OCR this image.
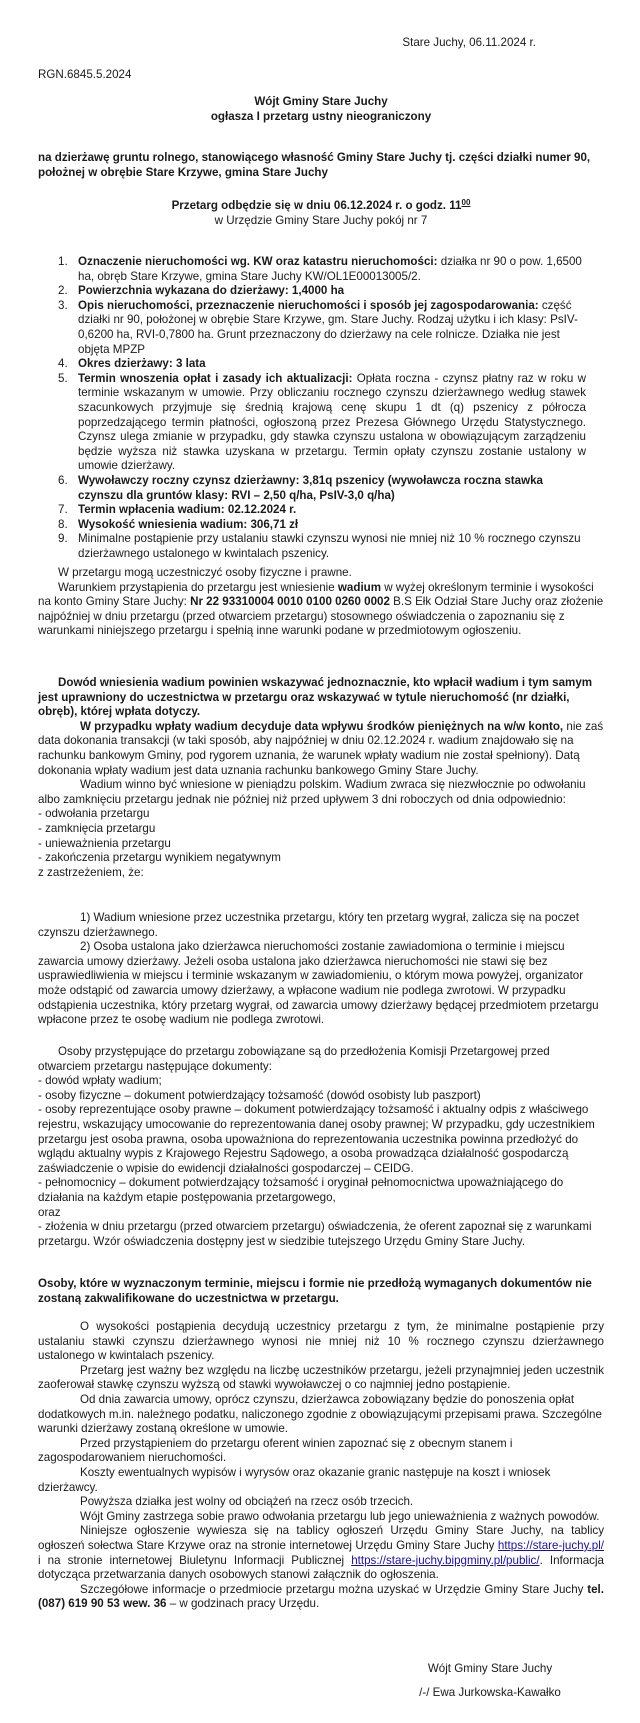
Stare Juchy, 06.11.2024 r.
RGN.6845.5.2024

Wójt Gminy Stare Juchy

ogłasza I przetarg ustny nieograniczony

na dzierżawę gruntu rolnego, stanowiącego własność Gminy Stare Juchy tj. części działki numer 90, położnej w obrębie Stare Krzywe, gmina Stare Juchy

Przetarg odbędzie się w dniu 06.12.2024 r. o godz. $11^{00}$

w Urzędzie Gminy Stare Juchy pokój nr 7

1. Oznaczenie nieruchomości wg. KW oraz katastru nieruchomości: działka nr 90 o pow. 1,6500 ha, obręb Stare Krzywe, gmina Stare Juchy KW/OL1E00013005/2.
2. Powierzchnia wykazana do dzierżawy: 1,4000 ha
3. Opis nieruchomości, przeznaczenie nieruchomości i sposób jej zagospodarowania: część działki nr 90, położonej w obrębie Stare Krzywe, gm. Stare Juchy. Rodzaj użytku i ich klasy: PsIV-0,6200 ha, RVI-0,7800 ha. Grunt przeznaczony do dzierżawy na cele rolnicze. Działka nie jest objęta MPZP
4. Okres dzierżawy: 3 lata
5. Termin wnoszenia opłat i zasady ich aktualizacji: Opłata roczna - czynsz płatny raz w roku w terminie wskazanym w umowie. Przy obliczaniu rocznego czynszu dzierżawnego według stawek szacunkowych przyjmuje się średnią krajową cenę skupu 1 dt (q) pszenicy z półrocza poprzedzającego termin płatności, ogłoszoną przez Prezesa Głównego Urzędu Statystycznego. Czynsz ulega zmianie w przypadku, gdy stawka czynszu ustalona w obowiązującym zarządzeniu będzie wyższa niż stawka uzyskana w przetargu. Termin opłaty czynszu zostanie ustalony w umowie dzierżawy.
6. Wywoławczy roczny czynsz dzierżawny: 3,81q pszenicy (wywoławcza roczna stawka czynszu dla gruntów klasy: RVI – 2,50 q/ha, PsIV-3,0 q/ha)
7. Termin wpłacenia wadium: 02.12.2024 r.
8. Wysokość wniesienia wadium: 306,71 zł
9. Minimalne postąpienie przy ustalaniu stawki czynszu wynosi nie mniej niż 10 % rocznego czynszu dzierżawnego ustalonego w kwintalach pszenicy.

W przetargu mogą uczestniczyć osoby fizyczne i prawne.

Warunkiem przystąpienia do przetargu jest wniesienie wadium w wyżej określonym terminie i wysokości na konto Gminy Stare Juchy: Nr 22 93310004 0010 0100 0260 0002 B.S Ełk Odział Stare Juchy oraz złożenie najpóźniej w dniu przetargu (przed otwarciem przetargu) stosownego oświadczenia o zapoznaniu się z warunkami niniejszego przetargu i spełnią inne warunki podane w przedmiotowym ogłoszeniu.

Dowód wniesienia wadium powinien wskazywać jednoznacznie, kto wpłacił wadium i tym samym jest uprawniony do uczestnictwa w przetargu oraz wskazywać w tytule nieruchomość (nr działki, obręb), której wpłata dotyczy.

W przypadku wpłaty wadium decyduje data wpływu środków pieniężnych na w/w konto, nie zaś data dokonania transakcji (w taki sposób, aby najpóźniej w dniu 02.12.2024 r. wadium znajdowało się na rachunku bankowym Gminy, pod rygorem uznania, że warunek wpłaty wadium nie został spełniony). Datą dokonania wpłaty wadium jest data uznania rachunku bankowego Gminy Stare Juchy.

Wadium winno być wniesione w pieniądzu polskim. Wadium zwraca się niezwłocznie po odwołaniu albo zamknięciu przetargu jednak nie później niż przed upływem 3 dni roboczych od dnia odpowiednio:

- odwołania przetargu

- zamknięcia przetargu

- unieważnienia przetargu

- zakończenia przetargu wynikiem negatywnym

z zastrzeżeniem, że:

1) Wadium wniesione przez uczestnika przetargu, który ten przetarg wygrał, zalicza się na poczet czynszu dzierżawnego.

2) Osoba ustalona jako dzierżawca nieruchomości zostanie zawiadomiona o terminie i miejscu zawarcia umowy dzierżawy. Jeżeli osoba ustalona jako dzierżawca nieruchomości nie stawi się bez usprawiedliwienia w miejscu i terminie wskazanym w zawiadomieniu, o którym mowa powyżej, organizator może odstąpić od zawarcia umowy dzierżawy, a wpłacone wadium nie podlega zwrotowi. W przypadku odstąpienia uczestnika, który przetarg wygrał, od zawarcia umowy dzierżawy będącej przedmiotem przetargu wpłacone przez te osobę wadium nie podlega zwrotowi.

Osoby przystępujące do przetargu zobowiązane są do przedłożenia Komisji Przetargowej przed otwarciem przetargu następujące dokumenty:

- dowód wpłaty wadium;

- osoby fizyczne – dokument potwierdzający tożsamość (dowód osobisty lub paszport)

- osoby reprezentujące osoby prawne – dokument potwierdzający tożsamość i aktualny odpis z właściwego rejestru, wskazujący umocowanie do reprezentowania danej osoby prawnej; W przypadku, gdy uczestnikiem przetargu jest osoba prawna, osoba upoważniona do reprezentowania uczestnika powinna przedłożyć do wglądu aktualny wypis z Krajowego Rejestru Sądowego, a osoba prowadząca działalność gospodarczą zaświadczenie o wpisie do ewidencji działalności gospodarczej – CEIDG.

- pełnomocnicy – dokument potwierdzający tożsamość i oryginał pełnomocnictwa upoważniającego do działania na każdym etapie postępowania przetargowego,

oraz

- złożenia w dniu przetargu (przed otwarciem przetargu) oświadczenia, że oferent zapoznał się z warunkami przetargu. Wzór oświadczenia dostępny jest w siedzibie tutejszego Urzędu Gminy Stare Juchy.

Osoby, które w wyznaczonym terminie, miejscu i formie nie przedłożą wymaganych dokumentów nie zostaną zakwalifikowane do uczestnictwa w przetargu.

O wysokości postąpienia decydują uczestnicy przetargu z tym, że minimalne postąpienie przy ustalaniu stawki czynszu dzierżawnego wynosi nie mniej niż 10 % rocznego czynszu dzierżawnego ustalonego w kwintalach pszenicy.

Przetarg jest ważny bez względu na liczbę uczestników przetargu, jeżeli przynajmniej jeden uczestnik zaoferował stawkę czynszu wyższą od stawki wywoławczej o co najmniej jedno postąpienie.

Od dnia zawarcia umowy, oprócz czynszu, dzierżawca zobowiązany będzie do ponoszenia opłat dodatkowych m.in. należnego podatku, naliczonego zgodnie z obowiązującymi przepisami prawa. Szczególne warunki dzierżawy zostaną określone w umowie.

Przed przystąpieniem do przetargu oferent winien zapoznać się z obecnym stanem i zagospodarowaniem nieruchomości.

Koszty ewentualnych wypisów i wyrysów oraz okazanie granic następuje na koszt i wniosek dzierżawcy.

Powyższa działka jest wolny od obciążeń na rzecz osób trzecich.

Wójt Gminy zastrzega sobie prawo odwołania przetargu lub jego unieważnienia z ważnych powodów.

Niniejsze ogłoszenie wywiesza się na tablicy ogłoszeń Urzędu Gminy Stare Juchy, na tablicy ogłoszeń sołectwa Stare Krzywe oraz na stronie internetowej Urzędu Gminy Stare Juchy https://stare-juchy.pl/ i na stronie internetowej Biuletynu Informacji Publicznej https://stare-juchy.bipgminy.pl/public/. Informacja dotycząca przetwarzania danych osobowych stanowi załącznik do ogłoszenia.

Szczegółowe informacje o przedmiocie przetargu można uzyskać w Urzędzie Gminy Stare Juchy tel. (087) 619 90 53 wew. 36 – w godzinach pracy Urzędu.

Wójt Gminy Stare Juchy

/-/ Ewa Jurkowska-Kawałko
